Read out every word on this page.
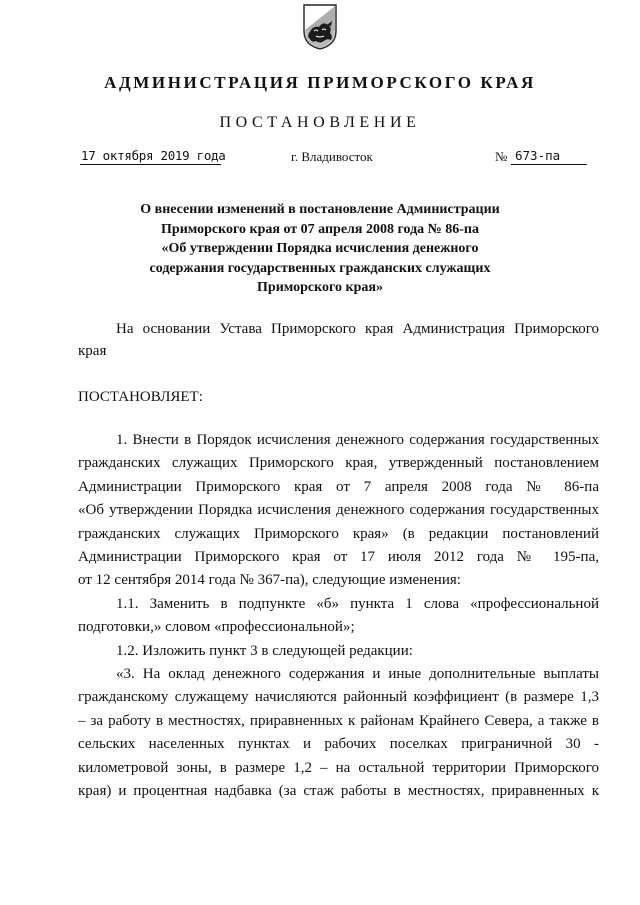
АДМИНИСТРАЦИЯ ПРИМОРСКОГО КРАЯ
ПОСТАНОВЛЕНИЕ
17 октября 2019 года	г. Владивосток	№ 673-па
О внесении изменений в постановление Администрации
Приморского края от 07 апреля 2008 года № 86-па
«Об утверждении Порядка исчисления денежного
содержания государственных гражданских служащих
Приморского края»
На основании Устава Приморского края Администрация Приморского
края
ПОСТАНОВЛЯЕТ:
1. Внести в Порядок исчисления денежного содержания государственных
гражданских служащих Приморского края, утвержденный постановлением
Администрации Приморского края от 7 апреля 2008 года № 86-па
«Об утверждении Порядка исчисления денежного содержания государственных
гражданских служащих Приморского края» (в редакции постановлений
Администрации Приморского края от 17 июля 2012 года № 195-па,
от 12 сентября 2014 года № 367-па), следующие изменения:
1.1. Заменить в подпункте «б» пункта 1 слова «профессиональной
подготовки,» словом «профессиональной»;
1.2. Изложить пункт 3 в следующей редакции:
«3. На оклад денежного содержания и иные дополнительные выплаты
гражданскому служащему начисляются районный коэффициент (в размере 1,3
– за работу в местностях, приравненных к районам Крайнего Севера, а также в
сельских населенных пунктах и рабочих поселках приграничной 30 -
километровой зоны, в размере 1,2 – на остальной территории Приморского
края) и процентная надбавка (за стаж работы в местностях, приравненных к
